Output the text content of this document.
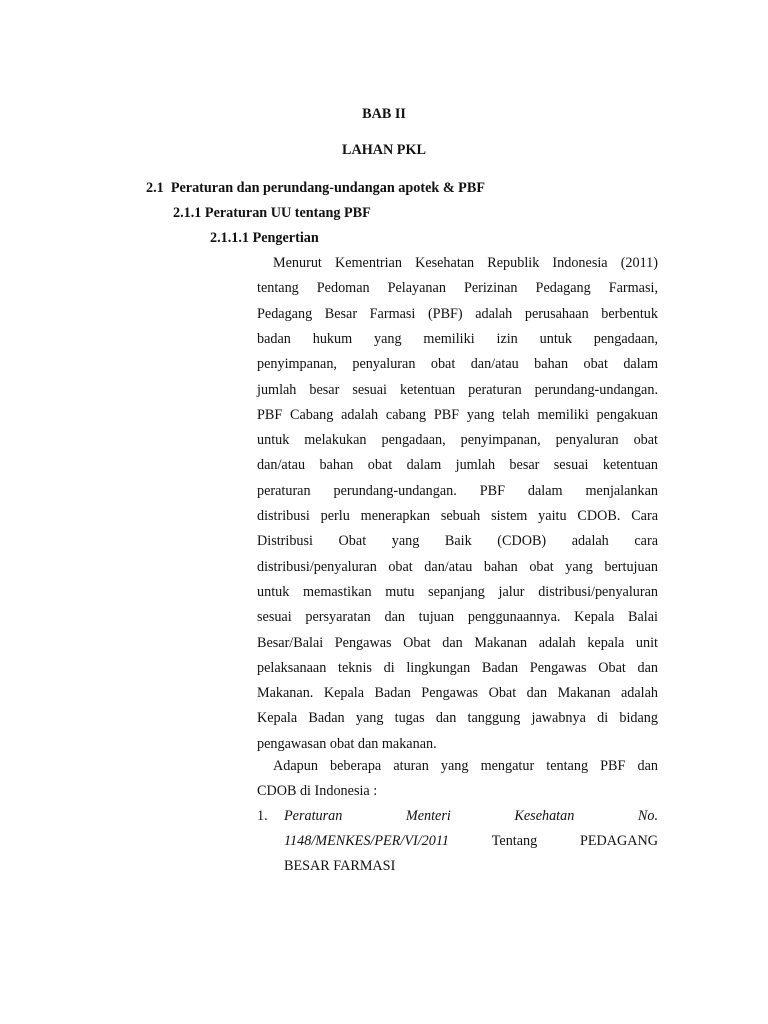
BAB II
LAHAN PKL
2.1 Peraturan dan perundang-undangan apotek & PBF
2.1.1 Peraturan UU tentang PBF
2.1.1.1 Pengertian
Menurut Kementrian Kesehatan Republik Indonesia (2011)
tentang Pedoman Pelayanan Perizinan Pedagang Farmasi,
Pedagang Besar Farmasi (PBF) adalah perusahaan berbentuk
badan hukum yang memiliki izin untuk pengadaan,
penyimpanan, penyaluran obat dan/atau bahan obat dalam
jumlah besar sesuai ketentuan peraturan perundang-undangan.
PBF Cabang adalah cabang PBF yang telah memiliki pengakuan
untuk melakukan pengadaan, penyimpanan, penyaluran obat
dan/atau bahan obat dalam jumlah besar sesuai ketentuan
peraturan perundang-undangan. PBF dalam menjalankan
distribusi perlu menerapkan sebuah sistem yaitu CDOB. Cara
Distribusi Obat yang Baik (CDOB) adalah cara
distribusi/penyaluran obat dan/atau bahan obat yang bertujuan
untuk memastikan mutu sepanjang jalur distribusi/penyaluran
sesuai persyaratan dan tujuan penggunaannya. Kepala Balai
Besar/Balai Pengawas Obat dan Makanan adalah kepala unit
pelaksanaan teknis di lingkungan Badan Pengawas Obat dan
Makanan. Kepala Badan Pengawas Obat dan Makanan adalah
Kepala Badan yang tugas dan tanggung jawabnya di bidang
pengawasan obat dan makanan.
Adapun beberapa aturan yang mengatur tentang PBF dan
CDOB di Indonesia :
1. Peraturan	Menteri	Kesehatan	No.
1148/MENKES/PER/VI/2011	Tentang	PEDAGANG
BESAR FARMASI
